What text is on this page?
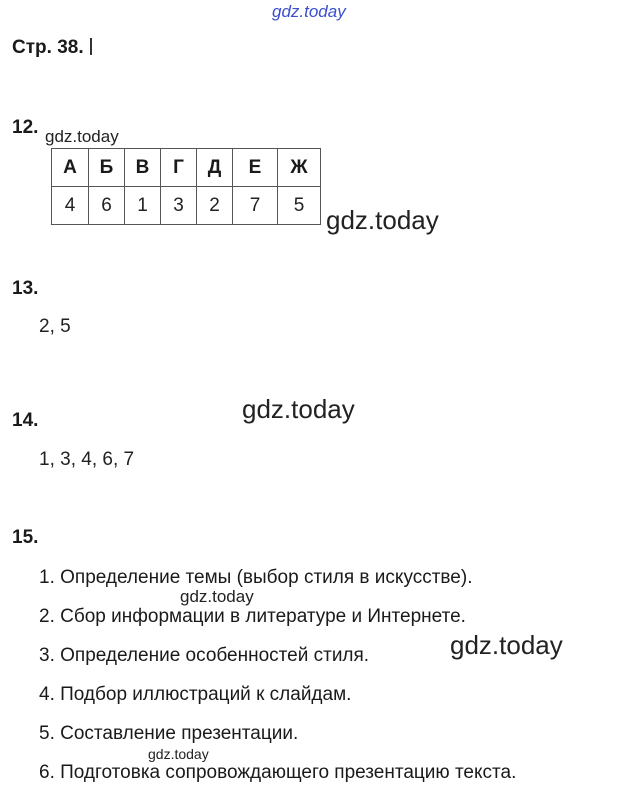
gdz.today
Стр. 38.
12. gdz.today
А	Б	В	Г	Д	Е	Ж
4	6	1	3	2	7	5 gdz.today
13.
2, 5
gdz.today
14.
1, 3, 4, 6, 7
15.
1. Определение темы (выбор стиля в искусстве).
2. Сбор информации в литературе и Интернете.
3. Определение особенностей стиля.
4. Подбор иллюстраций к слайдам.
5. Составление презентации.
6. Подготовка сопровождающего презентацию текста.
gdz.today
gdz.today
gdz.today
